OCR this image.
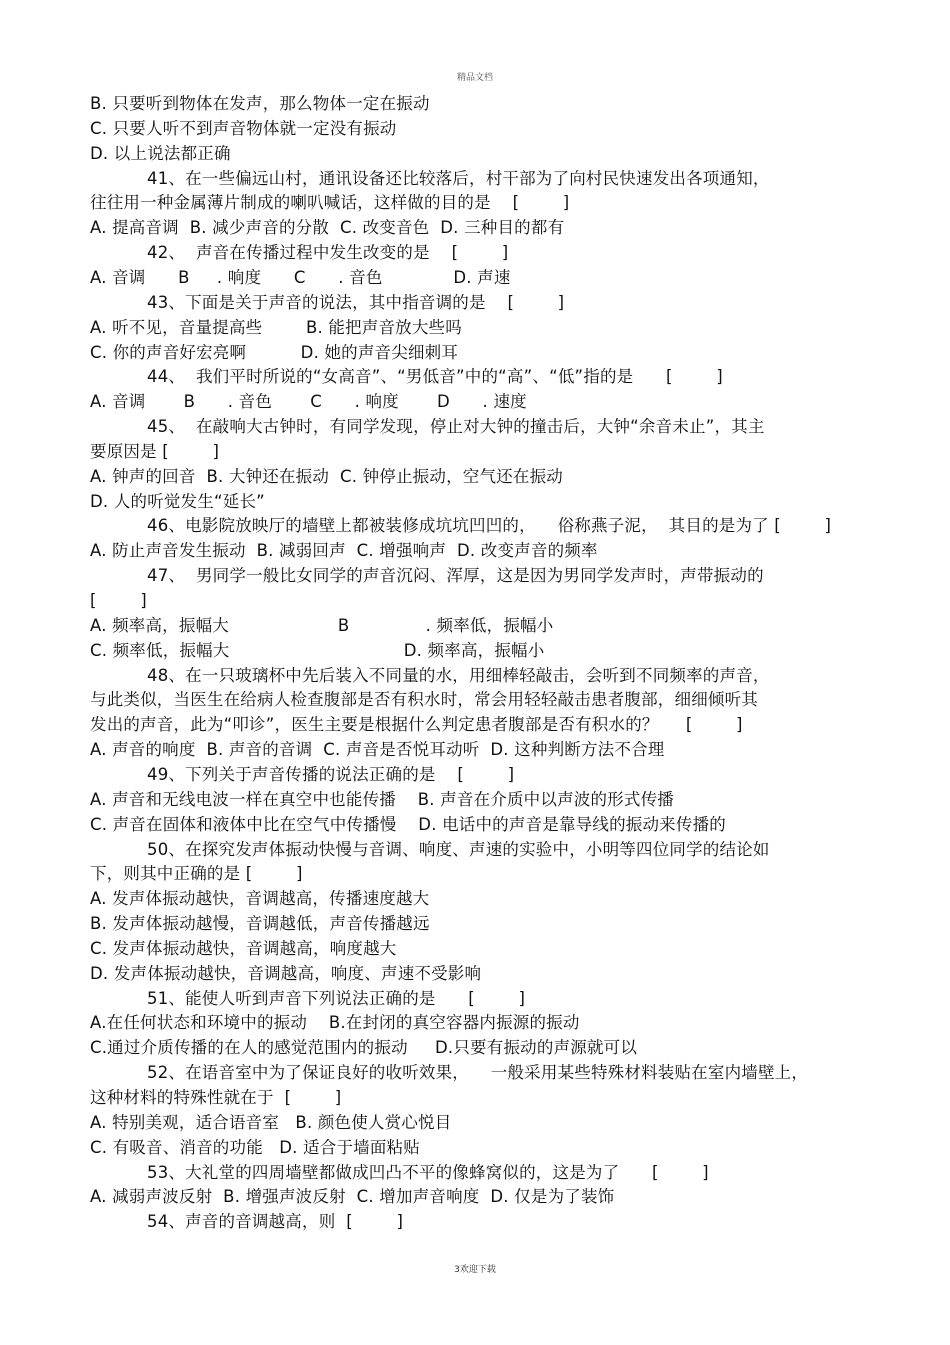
精品文档
B. 只要听到物体在发声，那么物体一定在振动
C. 只要人听不到声音物体就一定没有振动
D. 以上说法都正确
41、在一些偏远山村，通讯设备还比较落后，村干部为了向村民快速发出各项通知，
往往用一种金属薄片制成的喇叭喊话，这样做的目的是    [        ]
A. 提高音调  B. 减少声音的分散  C. 改变音色  D. 三种目的都有
42、  声音在传播过程中发生改变的是    [        ]
A. 音调      B     . 响度      C      . 音色             D. 声速
43、下面是关于声音的说法，其中指音调的是    [        ]
A. 听不见，音量提高些        B. 能把声音放大些吗
C. 你的声音好宏亮啊          D. 她的声音尖细刺耳
44、  我们平时所说的“女高音”、“男低音”中的“高”、“低”指的是      [        ]
A. 音调       B      . 音色       C      . 响度       D      . 速度
45、  在敲响大古钟时，有同学发现，停止对大钟的撞击后，大钟“余音未止”，其主
要原因是 [        ]
A. 钟声的回音  B. 大钟还在振动  C. 钟停止振动，空气还在振动
D. 人的听觉发生“延长”
46、电影院放映厅的墙壁上都被装修成坑坑凹凹的，    俗称燕子泥，  其目的是为了 [        ]
A. 防止声音发生振动  B. 减弱回声  C. 增强响声  D. 改变声音的频率
47、  男同学一般比女同学的声音沉闷、浑厚，这是因为男同学发声时，声带振动的
[        ]
A. 频率高，振幅大                    B              . 频率低，振幅小
C. 频率低，振幅大                                D. 频率高，振幅小
48、在一只玻璃杯中先后装入不同量的水，用细棒轻敲击，会听到不同频率的声音，
与此类似，当医生在给病人检查腹部是否有积水时，常会用轻轻敲击患者腹部，细细倾听其
发出的声音，此为“叩诊”，医生主要是根据什么判定患者腹部是否有积水的？     [        ]
A. 声音的响度  B. 声音的音调  C. 声音是否悦耳动听  D. 这种判断方法不合理
49、下列关于声音传播的说法正确的是    [        ]
A. 声音和无线电波一样在真空中也能传播    B. 声音在介质中以声波的形式传播
C. 声音在固体和液体中比在空气中传播慢    D. 电话中的声音是靠导线的振动来传播的
50、在探究发声体振动快慢与音调、响度、声速的实验中，小明等四位同学的结论如
下，则其中正确的是 [        ]
A. 发声体振动越快，音调越高，传播速度越大
B. 发声体振动越慢，音调越低，声音传播越远
C. 发声体振动越快，音调越高，响度越大
D. 发声体振动越快，音调越高，响度、声速不受影响
51、能使人听到声音下列说法正确的是      [        ]
A.在任何状态和环境中的振动    B.在封闭的真空容器内振源的振动
C.通过介质传播的在人的感觉范围内的振动     D.只要有振动的声源就可以
52、在语音室中为了保证良好的收听效果，    一般采用某些特殊材料装贴在室内墙壁上，
这种材料的特殊性就在于  [        ]
A. 特别美观，适合语音室   B. 颜色使人赏心悦目
C. 有吸音、消音的功能   D. 适合于墙面粘贴
53、大礼堂的四周墙壁都做成凹凸不平的像蜂窝似的，这是为了      [        ]
A. 减弱声波反射  B. 增强声波反射  C. 增加声音响度  D. 仅是为了装饰
54、声音的音调越高，则  [        ]
3欢迎下载
